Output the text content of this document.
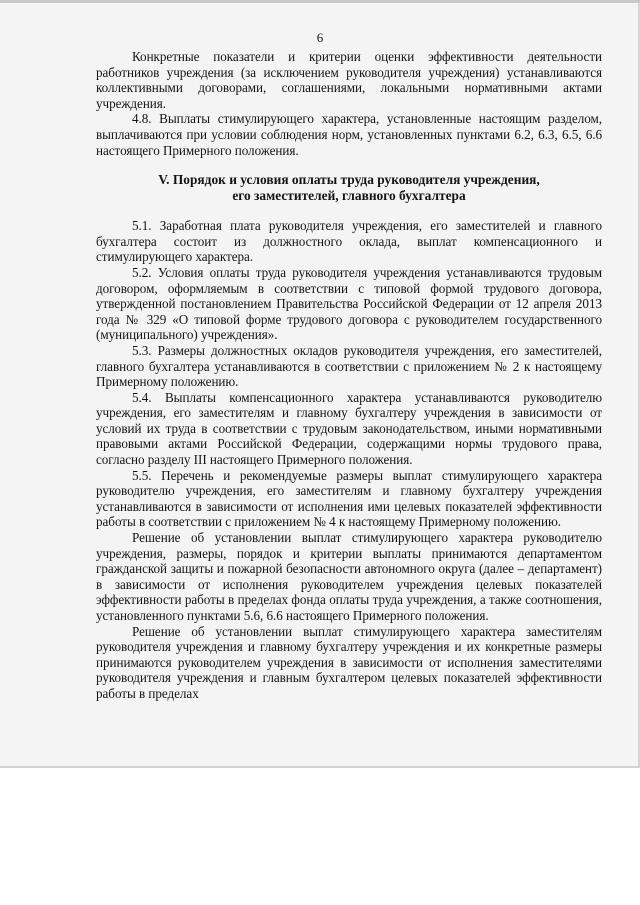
6

Конкретные показатели и критерии оценки эффективности деятельности работников учреждения (за исключением руководителя учреждения) устанавливаются коллективными договорами, соглашениями, локальными нормативными актами учреждения.

4.8. Выплаты стимулирующего характера, установленные настоящим разделом, выплачиваются при условии соблюдения норм, установленных пунктами 6.2, 6.3, 6.5, 6.6 настоящего Примерного положения.

V. Порядок и условия оплаты труда руководителя учреждения,
его заместителей, главного бухгалтера

5.1. Заработная плата руководителя учреждения, его заместителей и главного бухгалтера состоит из должностного оклада, выплат компенсационного и стимулирующего характера.

5.2. Условия оплаты труда руководителя учреждения устанавливаются трудовым договором, оформляемым в соответствии с типовой формой трудового договора, утвержденной постановлением Правительства Российской Федерации от 12 апреля 2013 года № 329 «О типовой форме трудового договора с руководителем государственного (муниципального) учреждения».

5.3. Размеры должностных окладов руководителя учреждения, его заместителей, главного бухгалтера устанавливаются в соответствии с приложением № 2 к настоящему Примерному положению.

5.4. Выплаты компенсационного характера устанавливаются руководителю учреждения, его заместителям и главному бухгалтеру учреждения в зависимости от условий их труда в соответствии с трудовым законодательством, иными нормативными правовыми актами Российской Федерации, содержащими нормы трудового права, согласно разделу III настоящего Примерного положения.

5.5. Перечень и рекомендуемые размеры выплат стимулирующего характера руководителю учреждения, его заместителям и главному бухгалтеру учреждения устанавливаются в зависимости от исполнения ими целевых показателей эффективности работы в соответствии с приложением № 4 к настоящему Примерному положению.

Решение об установлении выплат стимулирующего характера руководителю учреждения, размеры, порядок и критерии выплаты принимаются департаментом гражданской защиты и пожарной безопасности автономного округа (далее – департамент) в зависимости от исполнения руководителем учреждения целевых показателей эффективности работы в пределах фонда оплаты труда учреждения, а также соотношения, установленного пунктами 5.6, 6.6 настоящего Примерного положения.

Решение об установлении выплат стимулирующего характера заместителям руководителя учреждения и главному бухгалтеру учреждения и их конкретные размеры принимаются руководителем учреждения в зависимости от исполнения заместителями руководителя учреждения и главным бухгалтером целевых показателей эффективности работы в пределах
